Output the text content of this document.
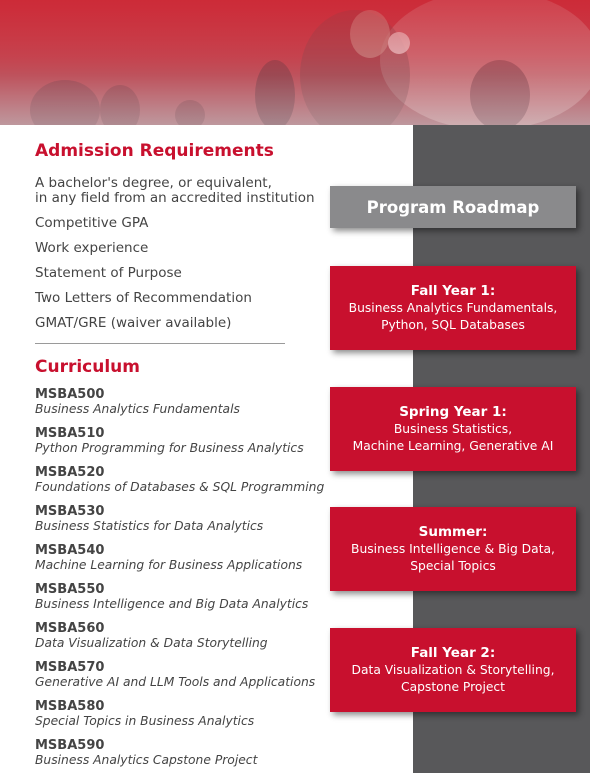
Admission Requirements
A bachelor's degree, or equivalent,
in any field from an accredited institution
Competitive GPA
Work experience
Statement of Purpose
Two Letters of Recommendation
GMAT/GRE (waiver available)
Curriculum
MSBA500
Business Analytics Fundamentals
MSBA510
Python Programming for Business Analytics
MSBA520
Foundations of Databases & SQL Programming
MSBA530
Business Statistics for Data Analytics
MSBA540
Machine Learning for Business Applications
MSBA550
Business Intelligence and Big Data Analytics
MSBA560
Data Visualization & Data Storytelling
MSBA570
Generative AI and LLM Tools and Applications
MSBA580
Special Topics in Business Analytics
MSBA590
Business Analytics Capstone Project
Program Roadmap
Fall Year 1:
Business Analytics Fundamentals,
Python, SQL Databases
Spring Year 1:
Business Statistics,
Machine Learning, Generative AI
Summer:
Business Intelligence & Big Data,
Special Topics
Fall Year 2:
Data Visualization & Storytelling,
Capstone Project
